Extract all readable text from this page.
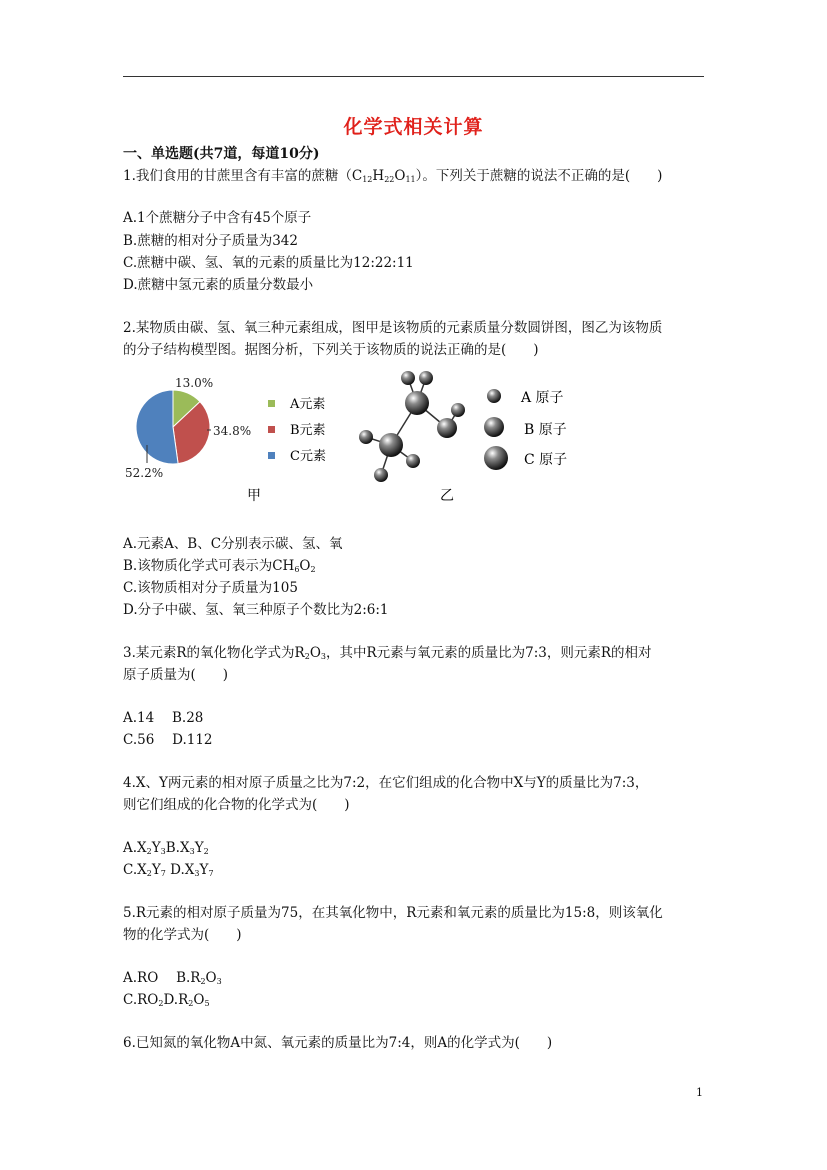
化学式相关计算
一、单选题(共7道，每道10分)
1.我们食用的甘蔗里含有丰富的蔗糖$(C_{12}H_{22}O_{11})$。下列关于蔗糖的说法不正确的是(　　)
A.1个蔗糖分子中含有45个原子
B.蔗糖的相对分子质量为342
C.蔗糖中碳、氢、氧的元素的质量比为12:22:11
D.蔗糖中氢元素的质量分数最小
2.某物质由碳、氢、氧三种元素组成，图甲是该物质的元素质量分数圆饼图，图乙为该物质
的分子结构模型图。据图分析，下列关于该物质的说法正确的是(　　)
13.0%
34.8%
52.2%
A元素
B元素
C元素
A 原子
B 原子
C 原子
甲	乙
A.元素A、B、C分别表示碳、氢、氧
B.该物质化学式可表示为$CH_6O_2$
C.该物质相对分子质量为105
D.分子中碳、氢、氧三种原子个数比为2:6:1
3.某元素R的氧化物化学式为$R_2O_3$，其中R元素与氧元素的质量比为7:3，则元素R的相对
原子质量为(　　)
A.14　 B.28
C.56　 D.112
4.X、Y两元素的相对原子质量之比为7:2，在它们组成的化合物中X与Y的质量比为7:3，
则它们组成的化合物的化学式为(　　)
$A.X_2Y_3B.X_3Y_2$
$C.X_2Y_7$ $D.X_3Y_7$
5.R元素的相对原子质量为75，在其氧化物中，R元素和氧元素的质量比为15:8，则该氧化
物的化学式为(　　)
A.RO　 $B.R_2O_3$
$C.RO_2D.R_2O_5$
6.已知氮的氧化物A中氮、氧元素的质量比为7:4，则A的化学式为(　　)
1
